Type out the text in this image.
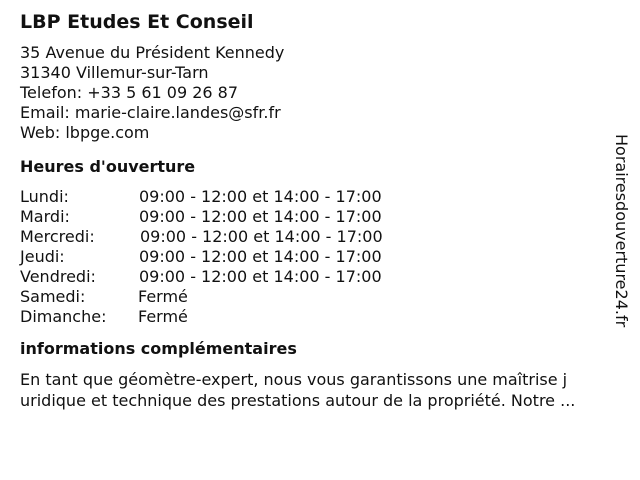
LBP Etudes Et Conseil
35 Avenue du Président Kennedy
31340 Villemur-sur-Tarn
Telefon: +33 5 61 09 26 87
Email: marie-claire.landes@sfr.fr
Web: lbpge.com
Heures d'ouverture
Lundi:	09:00 - 12:00 et 14:00 - 17:00
Mardi:	09:00 - 12:00 et 14:00 - 17:00
Mercredi:	09:00 - 12:00 et 14:00 - 17:00
Jeudi:	09:00 - 12:00 et 14:00 - 17:00
Vendredi:	09:00 - 12:00 et 14:00 - 17:00
Samedi:	Fermé
Dimanche: Fermé
informations complémentaires
En tant que géomètre-expert, nous vous garantissons une maîtrise j
uridique et technique des prestations autour de la propriété. Notre ...
Horairesdouverture24.fr
